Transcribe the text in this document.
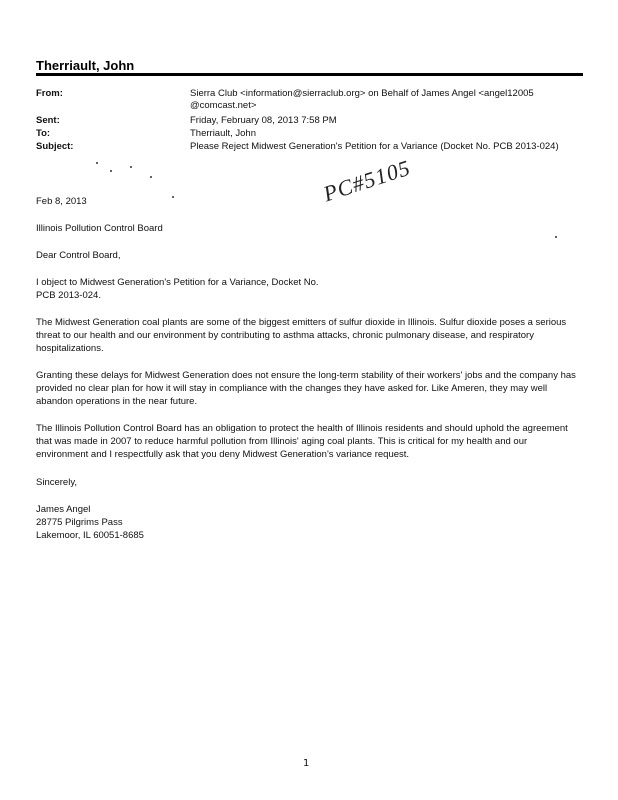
Therriault, John
From:	Sierra Club <information@sierraclub.org> on Behalf of James Angel <angel12005
@comcast.net>
Sent:	Friday, February 08, 2013 7:58 PM
To:	Therriault, John
Subject:	Please Reject Midwest Generation's Petition for a Variance (Docket No. PCB 2013-024)
PC#5105
Feb 8, 2013
Illinois Pollution Control Board
Dear Control Board,
I object to Midwest Generation's Petition for a Variance, Docket No.
PCB 2013-024.

The Midwest Generation coal plants are some of the biggest emitters of sulfur dioxide in Illinois. Sulfur dioxide poses a serious threat to our health and our environment by contributing to asthma attacks, chronic pulmonary disease, and respiratory hospitalizations.

Granting these delays for Midwest Generation does not ensure the long-term stability of their workers' jobs and the company has provided no clear plan for how it will stay in compliance with the changes they have asked for. Like Ameren, they may well abandon operations in the near future.

The Illinois Pollution Control Board has an obligation to protect the health of Illinois residents and should uphold the agreement that was made in 2007 to reduce harmful pollution from Illinois' aging coal plants. This is critical for my health and our environment and I respectfully ask that you deny Midwest Generation's variance request.

Sincerely,
James Angel
28775 Pilgrims Pass
Lakemoor, IL 60051-8685
1
